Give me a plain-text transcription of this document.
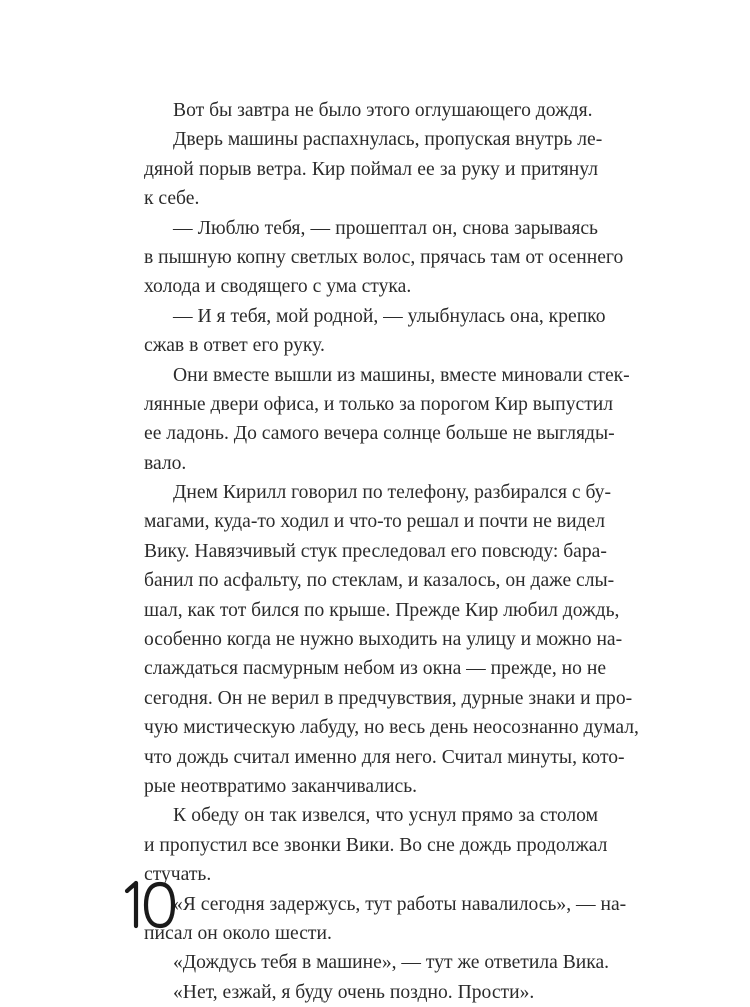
Вот бы завтра не было этого оглушающего дождя.

Дверь машины распахнулась, пропуская внутрь ле-
дяной порыв ветра. Кир поймал ее за руку и притянул
к себе.

— Люблю тебя, — прошептал он, снова зарываясь
в пышную копну светлых волос, прячась там от осеннего
холода и сводящего с ума стука.

— И я тебя, мой родной, — улыбнулась она, крепко
сжав в ответ его руку.

Они вместе вышли из машины, вместе миновали стек-
лянные двери офиса, и только за порогом Кир выпустил
ее ладонь. До самого вечера солнце больше не выгляды-
вало.

Днем Кирилл говорил по телефону, разбирался с бу-
магами, куда-то ходил и что-то решал и почти не видел
Вику. Навязчивый стук преследовал его повсюду: бара-
банил по асфальту, по стеклам, и казалось, он даже слы-
шал, как тот бился по крыше. Прежде Кир любил дождь,
особенно когда не нужно выходить на улицу и можно на-
слаждаться пасмурным небом из окна — прежде, но не
сегодня. Он не верил в предчувствия, дурные знаки и про-
чую мистическую лабуду, но весь день неосознанно думал,
что дождь считал именно для него. Считал минуты, кото-
рые неотвратимо заканчивались.

К обеду он так извелся, что уснул прямо за столом
и пропустил все звонки Вики. Во сне дождь продолжал
стучать.

«Я сегодня задержусь, тут работы навалилось», — на-
писал он около шести.

«Дождусь тебя в машине», — тут же ответила Вика.

«Нет, езжай, я буду очень поздно. Прости».
